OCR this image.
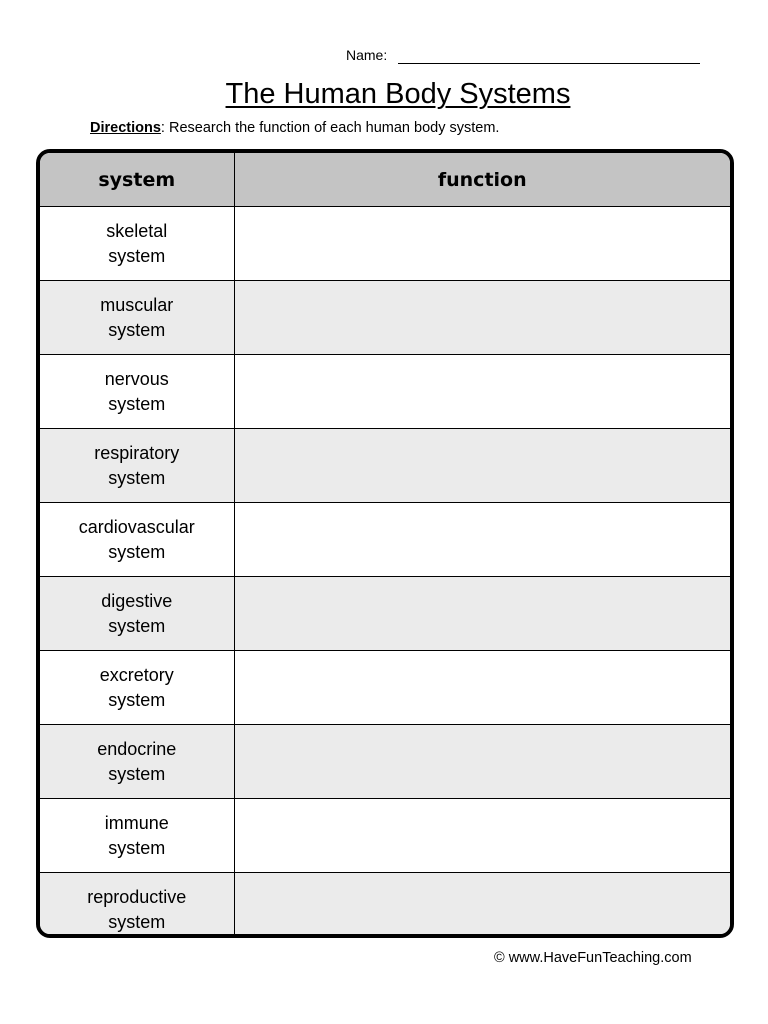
Name:
The Human Body Systems
Directions: Research the function of each human body system.
system	function

skeletal
system	

muscular
system	

nervous
system	

respiratory
system	

cardiovascular
system	

digestive
system	

excretory
system	

endocrine
system	

immune
system	

reproductive
system	

© www.HaveFunTeaching.com
